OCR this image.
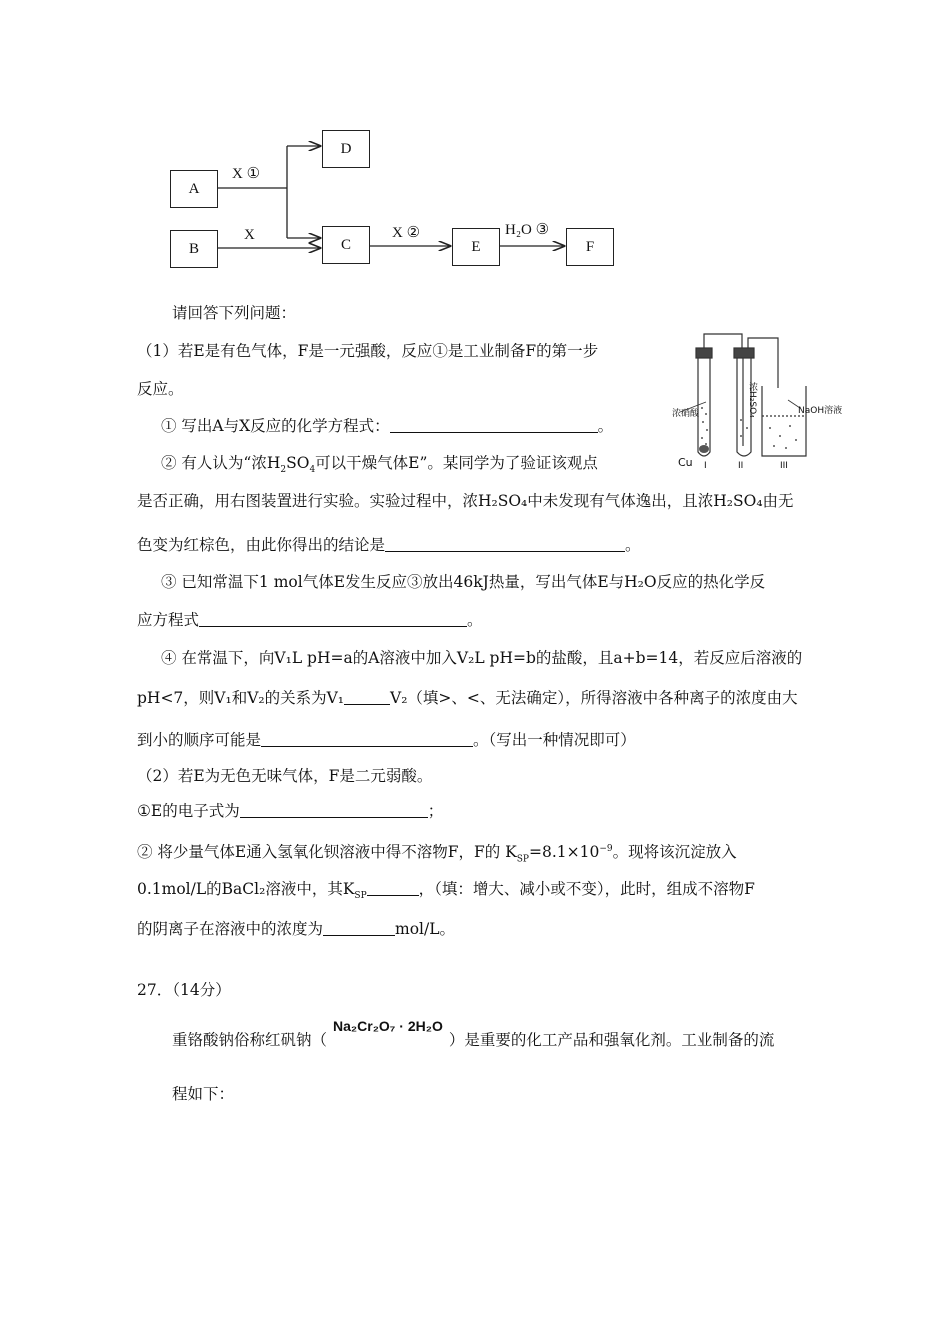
A
B
D
C	E	F
X ①
X	X ②	H₂O ③
浓硝酸	浓H₂SO₄	NaOH溶液
Cu I	II	III
请回答下列问题：
（1）若E是有色气体，F是一元强酸，反应①是工业制备F的第一步
反应。
① 写出A与X反应的化学方程式：	。
② 有人认为“浓$H_2SO_4$可以干燥气体E”。某同学为了验证该观点
是否正确，用右图装置进行实验。实验过程中，浓H₂SO₄中未发现有气体逸出，且浓H₂SO₄由无
色变为红棕色，由此你得出的结论是	。
③ 已知常温下1 mol气体E发生反应③放出46kJ热量，写出气体E与H₂O反应的热化学反
应方程式	。
④ 在常温下，向V₁L pH=a的A溶液中加入V₂L pH=b的盐酸，且a+b=14，若反应后溶液的
pH<7，则V₁和V₂的关系为V₁	V₂（填>、<、无法确定），所得溶液中各种离子的浓度由大
到小的顺序可能是	。（写出一种情况即可）
（2）若E为无色无味气体，F是二元弱酸。
①E的电子式为	；
② 将少量气体E通入氢氧化钡溶液中得不溶物F，F的 $K_{SP}=8.1\times 10^{-9}$。现将该沉淀放入
0.1mol/L的BaCl₂溶液中，其$K_{SP}$	，（填：增大、减小或不变），此时，组成不溶物F
的阴离子在溶液中的浓度为	mol/L。
27．（14分）
重铬酸钠俗称红矾钠（Na₂Cr₂O₇ · 2H₂O）是重要的化工产品和强氧化剂。工业制备的流
程如下：
